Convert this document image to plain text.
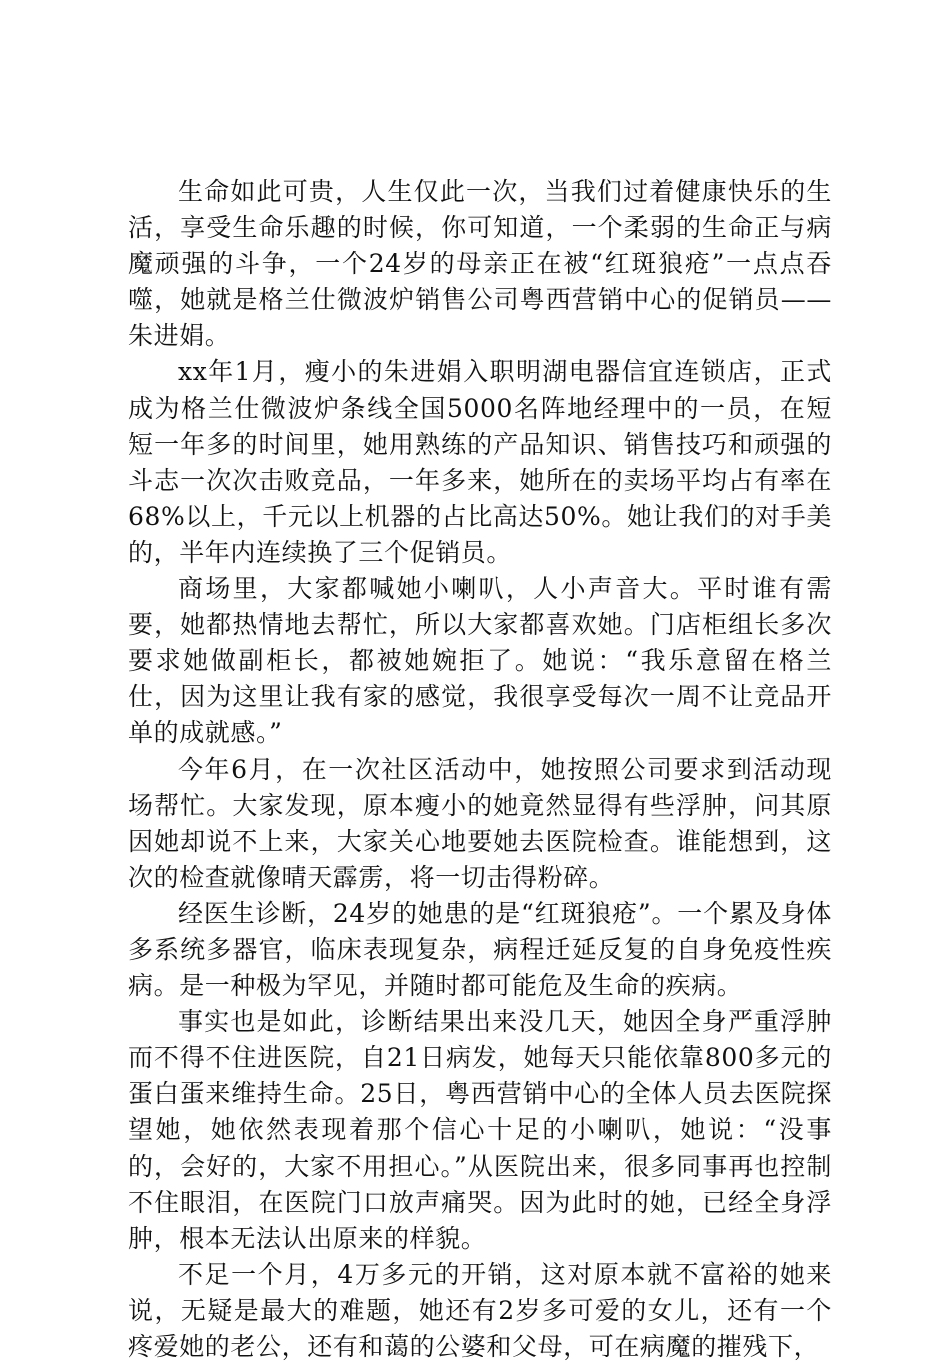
生命如此可贵，人生仅此一次，当我们过着健康快乐的生活，享受生命乐趣的时候，你可知道，一个柔弱的生命正与病魔顽强的斗争，一个24岁的母亲正在被“红斑狼疮”一点点吞噬，她就是格兰仕微波炉销售公司粤西营销中心的促销员——朱进娟。

xx年1月，瘦小的朱进娟入职明湖电器信宜连锁店，正式成为格兰仕微波炉条线全国5000名阵地经理中的一员，在短短一年多的时间里，她用熟练的产品知识、销售技巧和顽强的斗志一次次击败竞品，一年多来，她所在的卖场平均占有率在68%以上，千元以上机器的占比高达50%。她让我们的对手美的，半年内连续换了三个促销员。

商场里，大家都喊她小喇叭，人小声音大。平时谁有需要，她都热情地去帮忙，所以大家都喜欢她。门店柜组长多次要求她做副柜长，都被她婉拒了。她说：“我乐意留在格兰仕，因为这里让我有家的感觉，我很享受每次一周不让竞品开单的成就感。”

今年6月，在一次社区活动中，她按照公司要求到活动现场帮忙。大家发现，原本瘦小的她竟然显得有些浮肿，问其原因她却说不上来，大家关心地要她去医院检查。谁能想到，这次的检查就像晴天霹雳，将一切击得粉碎。

经医生诊断，24岁的她患的是“红斑狼疮”。一个累及身体多系统多器官，临床表现复杂，病程迁延反复的自身免疫性疾病。是一种极为罕见，并随时都可能危及生命的疾病。

事实也是如此，诊断结果出来没几天，她因全身严重浮肿而不得不住进医院，自21日病发，她每天只能依靠800多元的蛋白蛋来维持生命。25日，粤西营销中心的全体人员去医院探望她，她依然表现着那个信心十足的小喇叭，她说：“没事的，会好的，大家不用担心。”从医院出来，很多同事再也控制不住眼泪，在医院门口放声痛哭。因为此时的她，已经全身浮肿，根本无法认出原来的样貌。

不足一个月，4万多元的开销，这对原本就不富裕的她来说，无疑是最大的难题，她还有2岁多可爱的女儿，还有一个疼爱她的老公，还有和蔼的公婆和父母，可在病魔的摧残下，
